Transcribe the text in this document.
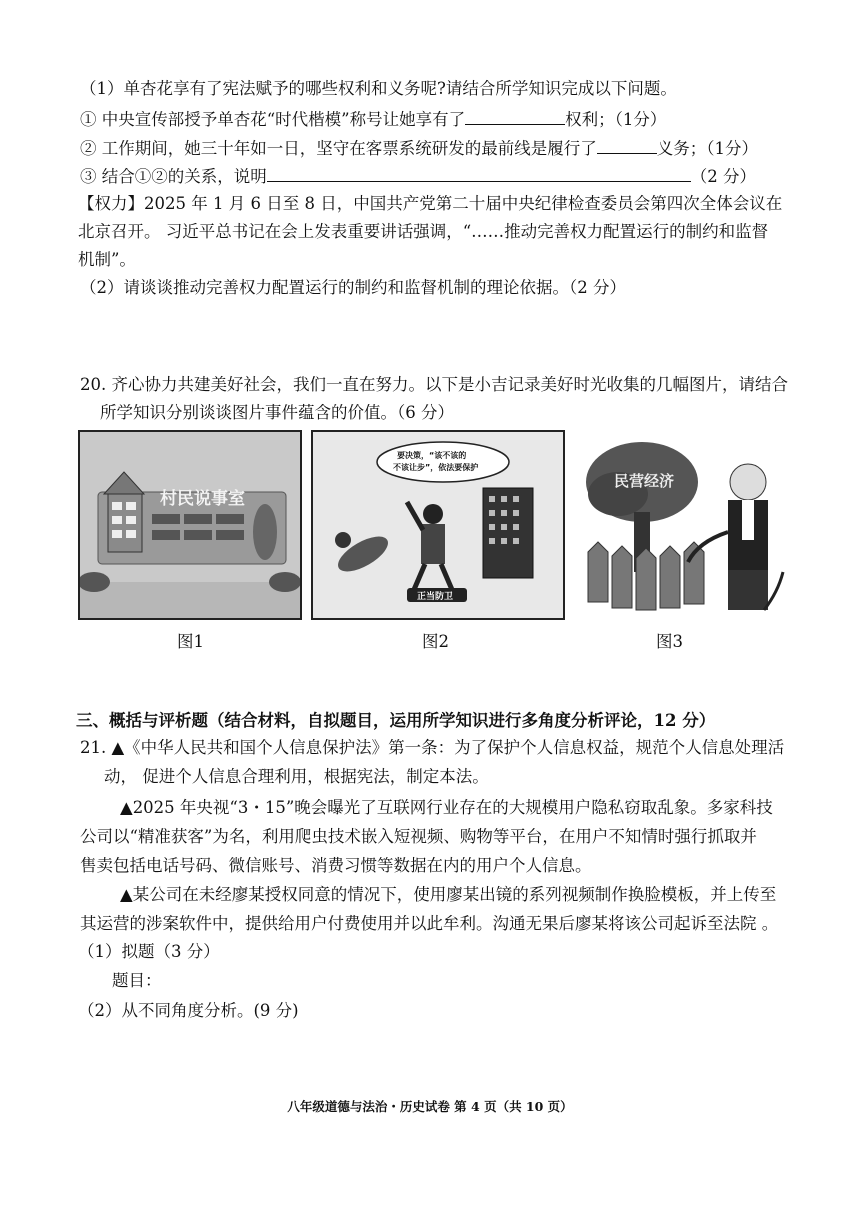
（1）单杏花享有了宪法赋予的哪些权利和义务呢?请结合所学知识完成以下问题。
① 中央宣传部授予单杏花“时代楷模”称号让她享有了	权利；（1分）
② 工作期间，她三十年如一日，坚守在客票系统研发的最前线是履行了	义务；（1分）
③ 结合①②的关系，说明	（2 分）
【权力】2025 年 1 月 6 日至 8 日，中国共产党第二十届中央纪律检查委员会第四次全体会议在
北京召开。 习近平总书记在会上发表重要讲话强调，“……推动完善权力配置运行的制约和监督
机制”。
（2）请谈谈推动完善权力配置运行的制约和监督机制的理论依据。（2 分）
20. 齐心协力共建美好社会，我们一直在努力。以下是小吉记录美好时光收集的几幅图片，请结合
所学知识分别谈谈图片事件蕴含的价值。（6 分）
村民说事室
图1
要决策，“该不该的
不该让步”，依法要保护
正当防卫
图2
民营经济
图3
三、概括与评析题（结合材料，自拟题目，运用所学知识进行多角度分析评论，12 分）
21. ▲《中华人民共和国个人信息保护法》第一条：为了保护个人信息权益，规范个人信息处理活
动， 促进个人信息合理利用，根据宪法，制定本法。
▲2025 年央视“3・15”晚会曝光了互联网行业存在的大规模用户隐私窃取乱象。多家科技
公司以“精准获客”为名，利用爬虫技术嵌入短视频、购物等平台，在用户不知情时强行抓取并
售卖包括电话号码、微信账号、消费习惯等数据在内的用户个人信息。
▲某公司在未经廖某授权同意的情况下，使用廖某出镜的系列视频制作换脸模板，并上传至
其运营的涉案软件中，提供给用户付费使用并以此牟利。沟通无果后廖某将该公司起诉至法院 。
（1）拟题（3 分）
题目：
（2）从不同角度分析。(9 分)
八年级道德与法治・历史试卷 第 4 页（共 10 页）
